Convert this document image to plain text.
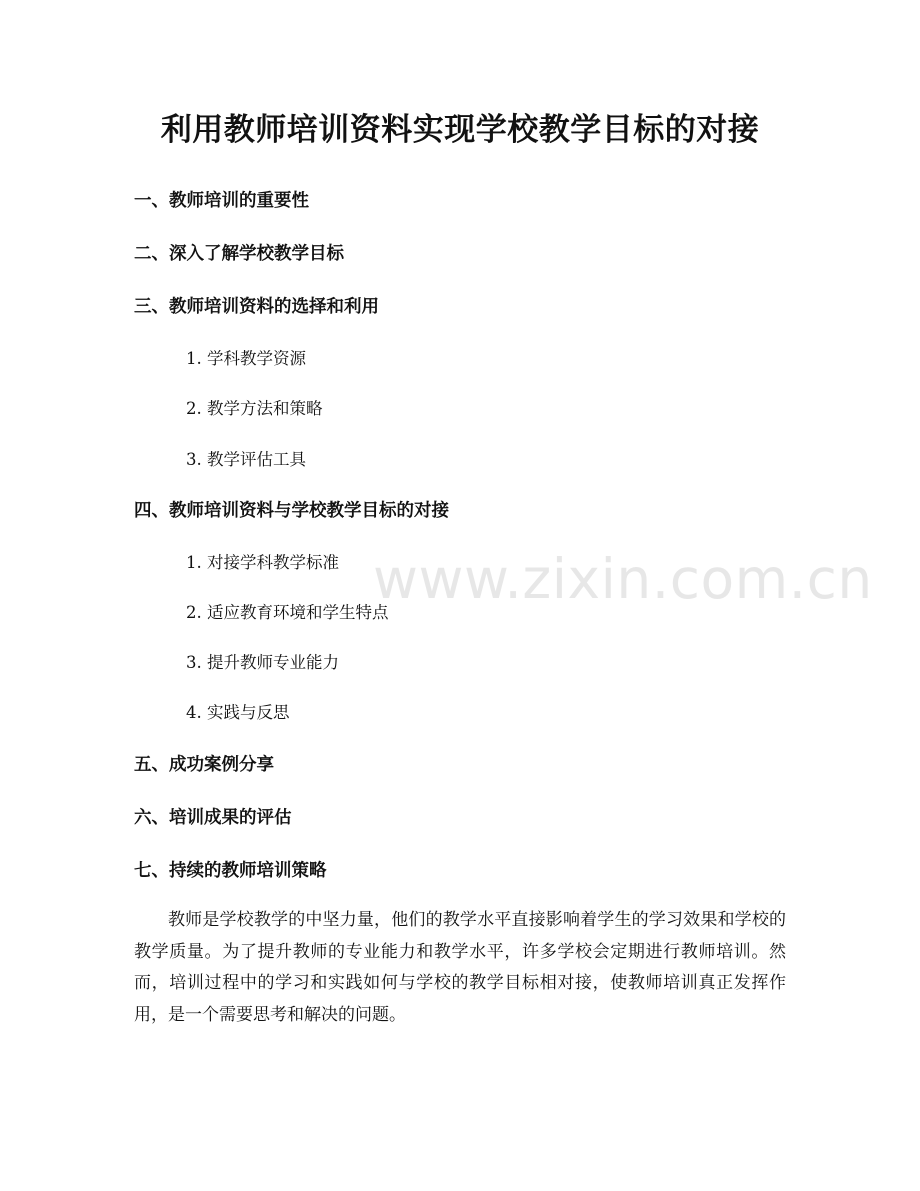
利用教师培训资料实现学校教学目标的对接
一、教师培训的重要性
二、深入了解学校教学目标
三、教师培训资料的选择和利用
1. 学科教学资源
2. 教学方法和策略
3. 教学评估工具
四、教师培训资料与学校教学目标的对接
1. 对接学科教学标准
2. 适应教育环境和学生特点
3. 提升教师专业能力
4. 实践与反思
五、成功案例分享
六、培训成果的评估
七、持续的教师培训策略

教师是学校教学的中坚力量，他们的教学水平直接影响着学生的学习效果和学校的教学质量。为了提升教师的专业能力和教学水平，许多学校会定期进行教师培训。然而，培训过程中的学习和实践如何与学校的教学目标相对接，使教师培训真正发挥作用，是一个需要思考和解决的问题。

www.zixin.com.cn
